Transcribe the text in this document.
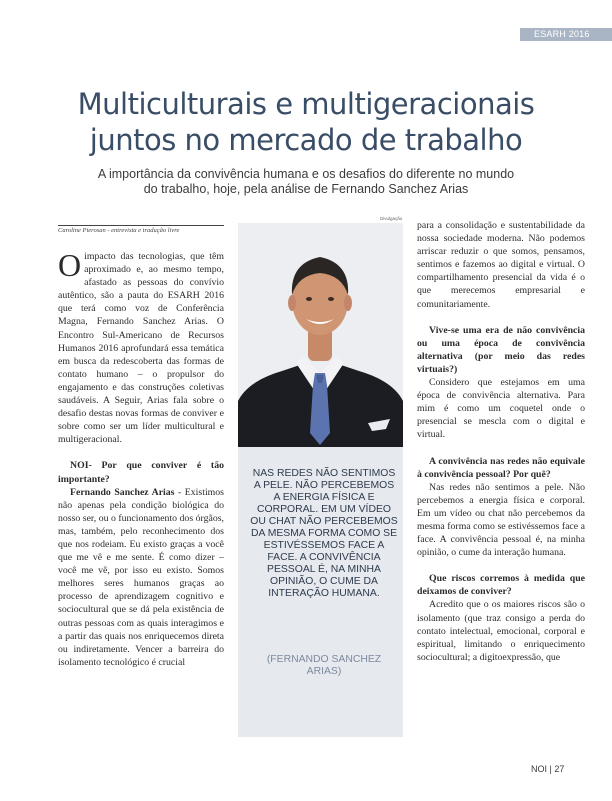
ESARH 2016
Multiculturais e multigeracionais
juntos no mercado de trabalho
A importância da convivência humana e os desafios do diferente no mundo
do trabalho, hoje, pela análise de Fernando Sanchez Arias
Caroline Pierosan - entrevista e tradução livre

Oimpacto das tecnologias, que têm aproximado e, ao mesmo tempo, afastado as pessoas do convívio autêntico, são a pauta do ESARH 2016 que terá como voz de Conferência Magna, Fernando Sanchez Arias. O Encontro Sul-Americano de Recursos Humanos 2016 aprofundará essa temática em busca da redescoberta das formas de contato humano – o propulsor do engajamento e das construções coletivas saudáveis. A Seguir, Arias fala sobre o desafio destas novas formas de conviver e sobre como ser um líder multicultural e multigeracional.

NOI- Por que conviver é tão importante?

Fernando Sanchez Arias - Existimos não apenas pela condição biológica do nosso ser, ou o funcionamento dos órgãos, mas, também, pelo reconhecimento dos que nos rodeiam. Eu existo graças a você que me vê e me sente. É como dizer – você me vê, por isso eu existo. Somos melhores seres humanos graças ao processo de aprendizagem cognitivo e sociocultural que se dá pela existência de outras pessoas com as quais interagimos e a partir das quais nos enriquecemos direta ou indiretamente. Vencer a barreira do isolamento tecnológico é crucial

Divulgação
NAS REDES NÃO SENTIMOS A PELE. NÃO PERCEBEMOS A ENERGIA FÍSICA E CORPORAL. EM UM VÍDEO OU CHAT NÃO PERCEBEMOS DA MESMA FORMA COMO SE ESTIVÉSSEMOS FACE A FACE. A CONVIVÊNCIA PESSOAL É, NA MINHA OPINIÃO, O CUME DA INTERAÇÃO HUMANA.
(FERNANDO SANCHEZ ARIAS)

para a consolidação e sustentabilidade da nossa sociedade moderna. Não podemos arriscar reduzir o que somos, pensamos, sentimos e fazemos ao digital e virtual. O compartilhamento presencial da vida é o que merecemos empresarial e comunitariamente.

Vive-se uma era de não convivência ou uma época de convivência alternativa (por meio das redes virtuais?)

Considero que estejamos em uma época de convivência alternativa. Para mim é como um coquetel onde o presencial se mescla com o digital e virtual.

A convivência nas redes não equivale à convivência pessoal? Por quê?

Nas redes não sentimos a pele. Não percebemos a energia física e corporal. Em um vídeo ou chat não percebemos da mesma forma como se estivéssemos face a face. A convivência pessoal é, na minha opinião, o cume da interação humana.

Que riscos corremos à medida que deixamos de conviver?

Acredito que o os maiores riscos são o isolamento (que traz consigo a perda do contato intelectual, emocional, corporal e espiritual, limitando o enriquecimento sociocultural; a digitoexpressão, que

NOI | 27
